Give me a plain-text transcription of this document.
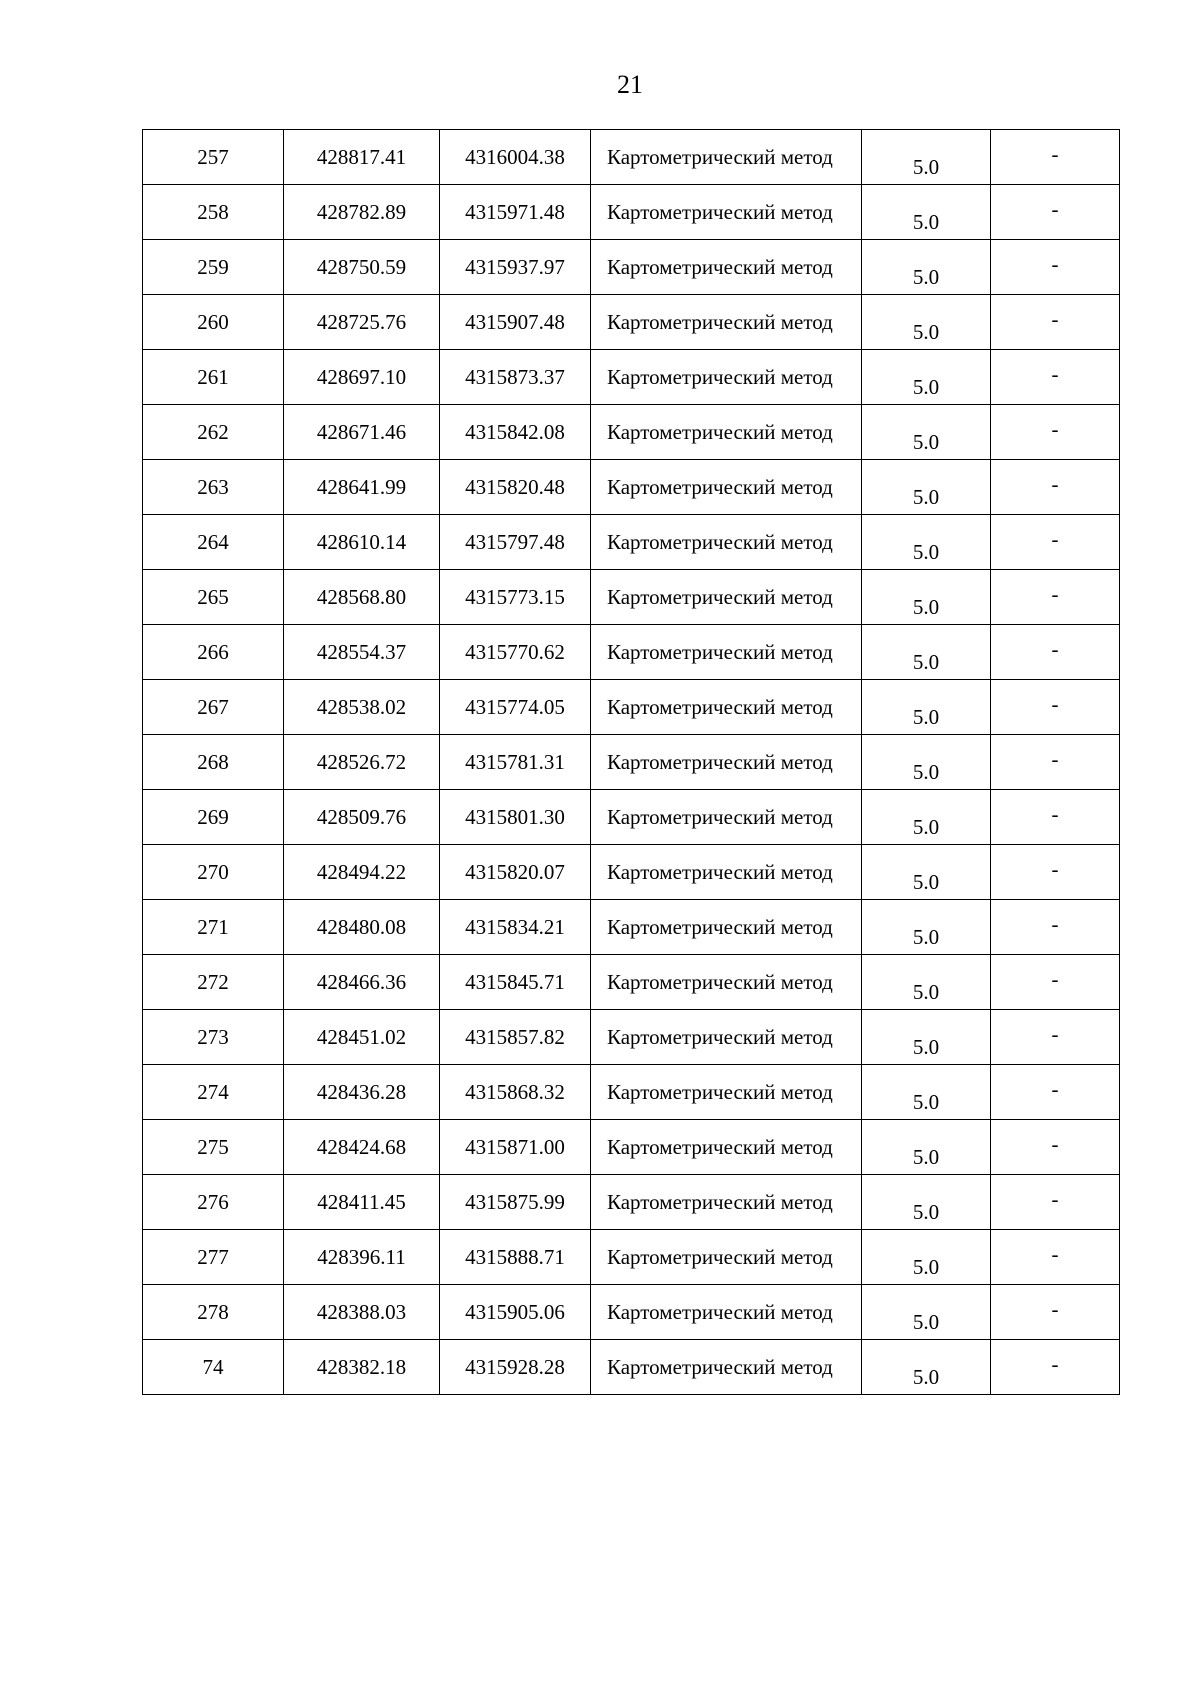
21
257	428817.41	4316004.38	Картометрический метод	5.0	-
258	428782.89	4315971.48	Картометрический метод	5.0	-
259	428750.59	4315937.97	Картометрический метод	5.0	-
260	428725.76	4315907.48	Картометрический метод	5.0	-
261	428697.10	4315873.37	Картометрический метод	5.0	-
262	428671.46	4315842.08	Картометрический метод	5.0	-
263	428641.99	4315820.48	Картометрический метод	5.0	-
264	428610.14	4315797.48	Картометрический метод	5.0	-
265	428568.80	4315773.15	Картометрический метод	5.0	-
266	428554.37	4315770.62	Картометрический метод	5.0	-
267	428538.02	4315774.05	Картометрический метод	5.0	-
268	428526.72	4315781.31	Картометрический метод	5.0	-
269	428509.76	4315801.30	Картометрический метод	5.0	-
270	428494.22	4315820.07	Картометрический метод	5.0	-
271	428480.08	4315834.21	Картометрический метод	5.0	-
272	428466.36	4315845.71	Картометрический метод	5.0	-
273	428451.02	4315857.82	Картометрический метод	5.0	-
274	428436.28	4315868.32	Картометрический метод	5.0	-
275	428424.68	4315871.00	Картометрический метод	5.0	-
276	428411.45	4315875.99	Картометрический метод	5.0	-
277	428396.11	4315888.71	Картометрический метод	5.0	-
278	428388.03	4315905.06	Картометрический метод	5.0	-
74	428382.18	4315928.28	Картометрический метод	5.0	-
